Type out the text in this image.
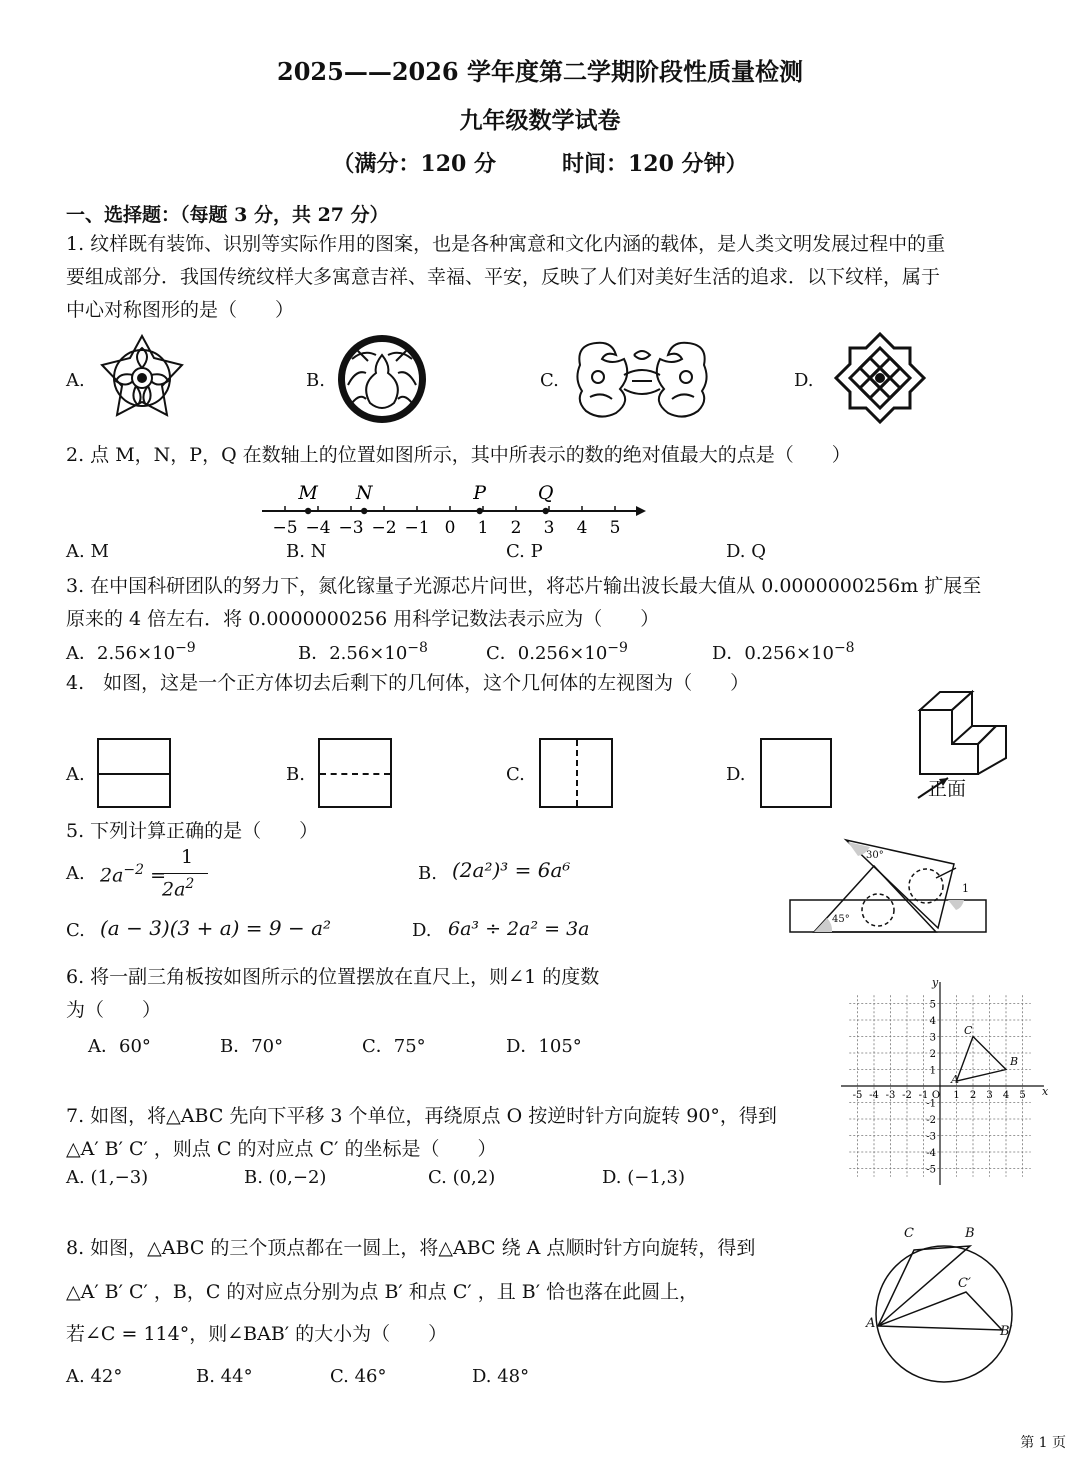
2025——2026 学年度第二学期阶段性质量检测
九年级数学试卷
（满分：120 分　　　时间：120 分钟）
一、选择题：（每题 3 分，共 27 分）
1. 纹样既有装饰、识别等实际作用的图案，也是各种寓意和文化内涵的载体，是人类文明发展过程中的重
要组成部分．我国传统纹样大多寓意吉祥、幸福、平安，反映了人们对美好生活的追求．以下纹样，属于
中心对称图形的是（　　）
A.	B.	C.	D.
2. 点 M，N，P，Q 在数轴上的位置如图所示，其中所表示的数的绝对值最大的点是（　　）
−5 −4 −3 −2 −1 0 1 2 3 4 5
M N	P	Q
A. M	B. N	C. P	D. Q
3. 在中国科研团队的努力下，氮化镓量子光源芯片问世，将芯片输出波长最大值从 0.0000000256m 扩展至
原来的 4 倍左右．将 0.0000000256 用科学记数法表示应为（　　）
A．$2.56\times 10^{-9}$	B．$2.56\times 10^{-8}$	C．$0.256\times 10^{-9}$	D．$0.256\times 10^{-8}$
4.　如图，这是一个正方体切去后剩下的几何体，这个几何体的左视图为（　　）
A.	B.	C.	D.
正面
5. 下列计算正确的是（　　）
A. $2a^{-2}$ =
1
$2a^2$	B. (2a²)³ = 6a⁶
C. (a − 3)(3 + a) = 9 − a²	D. 6a³ ÷ 2a² = 3a
30°
45°
1
6. 将一副三角板按如图所示的位置摆放在直尺上，则∠1 的度数
为（　　）
A．60°	B．70°	C．75°	D．105°
-5 -4 -3 -2 -1 O 1 2 3 4 5
5
4
3
2
1
-1
-2
-3
-4
-5
x
y
A
B
C
7. 如图，将△ABC 先向下平移 3 个单位，再绕原点 O 按逆时针方向旋转 90°，得到
△A′ B′ C′ ，则点 C 的对应点 C′ 的坐标是（　　）
A. (1,−3)	B. (0,−2)	C. (0,2)	D. (−1,3)
8. 如图，△ABC 的三个顶点都在一圆上，将△ABC 绕 A 点顺时针方向旋转，得到
△A′ B′ C′ ，B，C 的对应点分别为点 B′ 和点 C′ ，且 B′ 恰也落在此圆上，
若∠C = 114°，则∠BAB′ 的大小为（　　）
A. 42°	B. 44°	C. 46°	D. 48°
A
C	B
C′
B′
第 1 页
